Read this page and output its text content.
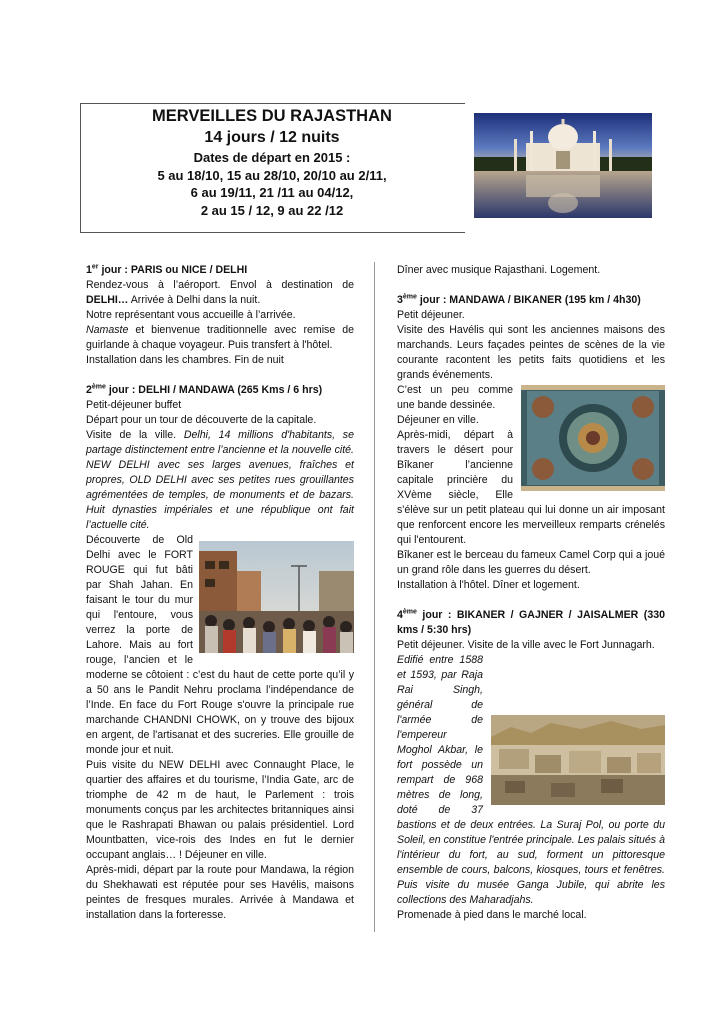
MERVEILLES DU RAJASTHAN
14 jours / 12 nuits
Dates de départ en 2015 :
5 au 18/10, 15 au 28/10, 20/10 au 2/11,
6 au 19/11, 21 /11 au 04/12,
2 au 15 / 12, 9 au 22 /12

1er jour : PARIS ou NICE / DELHI

Rendez-vous à l’aéroport. Envol à destination de DELHI… Arrivée à Delhi dans la nuit.

Notre représentant vous accueille à l’arrivée.

Namaste et bienvenue traditionnelle avec remise de guirlande à chaque voyageur. Puis transfert à l'hôtel.

Installation dans les chambres. Fin de nuit

2ème jour : DELHI / MANDAWA (265 Kms / 6 hrs)

Petit-déjeuner buffet

Départ pour un tour de découverte de la capitale.

Visite de la ville. Delhi, 14 millions d'habitants, se partage distinctement entre l’ancienne et la nouvelle cité. NEW DELHI avec ses larges avenues, fraîches et propres, OLD DELHI avec ses petites rues grouillantes agrémentées de temples, de monuments et de bazars. Huit dynasties impériales et une république ont fait l’actuelle cité.

Découverte de Old Delhi avec le FORT ROUGE qui fut bâti par Shah Jahan. En faisant le tour du mur qui l'entoure, vous verrez la porte de Lahore. Mais au fort rouge, l’ancien et le moderne se côtoient : c’est du haut de cette porte qu’il y a 50 ans le Pandit Nehru proclama l’indépendance de l’Inde. En face du Fort Rouge s'ouvre la principale rue marchande CHANDNI CHOWK, on y trouve des bijoux en argent, de l'artisanat et des sucreries. Elle grouille de monde jour et nuit.

Puis visite du NEW DELHI avec Connaught Place, le quartier des affaires et du tourisme, l’India Gate, arc de triomphe de 42 m de haut, le Parlement : trois monuments conçus par les architectes britanniques ainsi que le Rashrapati Bhawan ou palais présidentiel. Lord Mountbatten, vice-rois des Indes en fut le dernier occupant anglais… ! Déjeuner en ville.

Après-midi, départ par la route pour Mandawa, la région du Shekhawati est réputée pour ses Havélis, maisons peintes de fresques murales. Arrivée à Mandawa et installation dans la forteresse.

Dîner avec musique Rajasthani. Logement.

3ème jour : MANDAWA / BIKANER (195 km / 4h30)

Petit déjeuner.

Visite des Havélis qui sont les anciennes maisons des marchands. Leurs façades peintes de scènes de la vie courante racontent les petits faits quotidiens et les grands événements.

C’est un peu comme une bande dessinée.

Déjeuner en ville.

Après-midi, départ à travers le désert pour Bîkaner l’ancienne capitale princière du XVème siècle, Elle s'élève sur un petit plateau qui lui donne un air imposant que renforcent encore les merveilleux remparts crénelés qui l'entourent.

Bîkaner est le berceau du fameux Camel Corp qui a joué un grand rôle dans les guerres du désert.

Installation à l'hôtel. Dîner et logement.

4ème jour : BIKANER / GAJNER / JAISALMER (330 kms / 5:30 hrs)

Petit déjeuner. Visite de la ville avec le Fort Junnagarh.

Edifié entre 1588 et 1593, par Raja Rai Singh, général de l'armée de l'empereur Moghol Akbar, le fort possède un rempart de 968 mètres de long, doté de 37 bastions et de deux entrées. La Suraj Pol, ou porte du Soleil, en constitue l'entrée principale. Les palais situés à l'intérieur du fort, au sud, forment un pittoresque ensemble de cours, balcons, kiosques, tours et fenêtres. Puis visite du musée Ganga Jubile, qui abrite les collections des Maharadjahs.

Promenade à pied dans le marché local.
